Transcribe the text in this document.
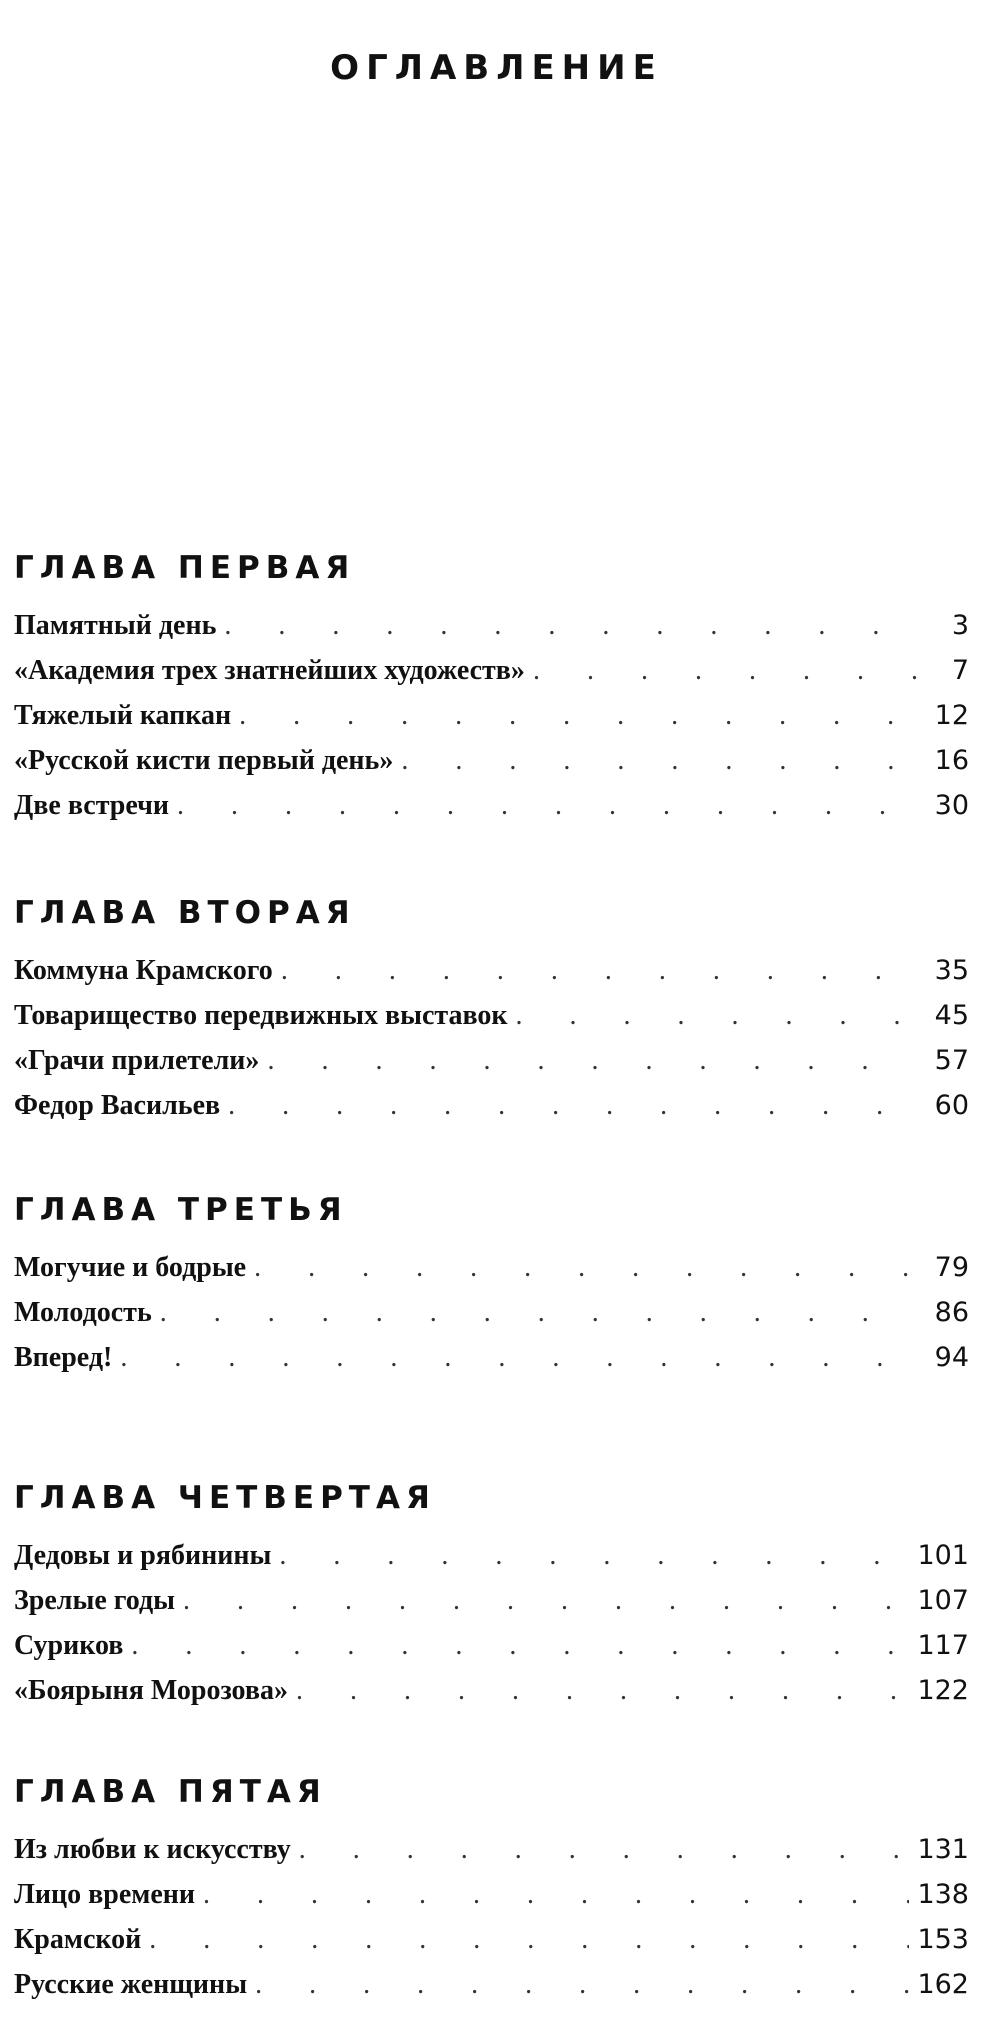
ОГЛАВЛЕНИЕ
ГЛАВА ПЕРВАЯ
Памятный день . . .	3
«Академия трех знатнейших художеств» . . .	7
Тяжелый капкан . . .	12
«Русской кисти первый день» . . .	16
Две встречи . . .	30
ГЛАВА ВТОРАЯ
Коммуна Крамского . . .	35
Товарищество передвижных выставок . . .	45
«Грачи прилетели» . . .	57
Федор Васильев . . .	60
ГЛАВА ТРЕТЬЯ
Могучие и бодрые . . .	79
Молодость . . .	86
Вперед! . . .	94
ГЛАВА ЧЕТВЕРТАЯ
Дедовы и рябинины . . .	101
Зрелые годы . . .	107
Суриков . . .	117
«Боярыня Морозова» . . .	122
ГЛАВА ПЯТАЯ
Из любви к искусству . . .	131
Лицо времени . . .	138
Крамской . . .	153
Русские женщины . . .	162
